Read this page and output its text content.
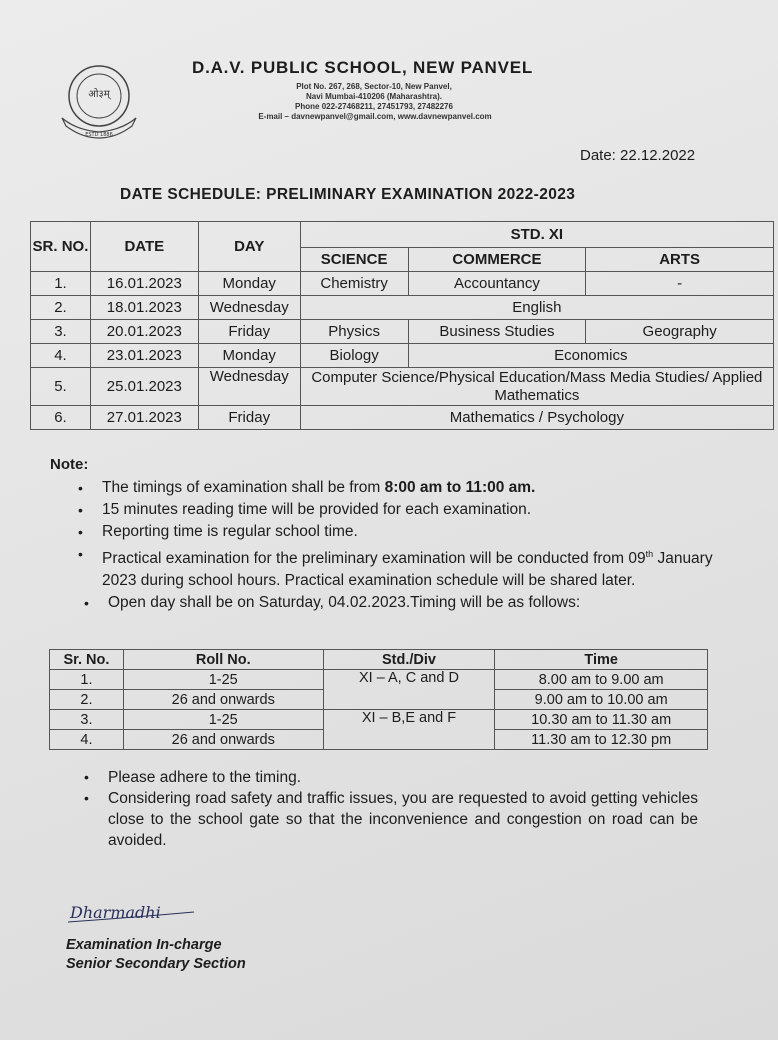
ओ३म्
ESTD 1886
D.A.V. PUBLIC SCHOOL, NEW PANVEL
Plot No. 267, 268, Sector-10, New Panvel,
Navi Mumbai-410206 (Maharashtra).
Phone 022-27468211, 27451793, 27482276
E-mail – davnewpanvel@gmail.com, www.davnewpanvel.com
Date: 22.12.2022
DATE SCHEDULE: PRELIMINARY EXAMINATION 2022-2023
SR. NO.	DATE	DAY	STD. XI		
			SCIENCE	COMMERCE	ARTS
1.	16.01.2023	Monday	Chemistry	Accountancy	-
2.	18.01.2023	Wednesday	English		
3.	20.01.2023	Friday	Physics	Business Studies	Geography
4.	23.01.2023	Monday	Biology	Economics	
5.	25.01.2023	Wednesday	Computer Science/Physical Education/Mass Media Studies/ Applied Mathematics		
6.	27.01.2023	Friday	Mathematics / Psychology		
Note:
• The timings of examination shall be from 8:00 am to 11:00 am.
• 15 minutes reading time will be provided for each examination.
• Reporting time is regular school time.
• Practical examination for the preliminary examination will be conducted from 09th January 2023 during school hours. Practical examination schedule will be shared later.
• Open day shall be on Saturday, 04.02.2023.Timing will be as follows:
Sr. No.	Roll No.	Std./Div	Time
1.	1-25	XI – A, C and D	8.00 am to 9.00 am
2.	26 and onwards		9.00 am to 10.00 am
3.	1-25	XI – B,E and F	10.30 am to 11.30 am
4.	26 and onwards		11.30 am to 12.30 pm
• Please adhere to the timing.
• Considering road safety and traffic issues, you are requested to avoid getting vehicles close to the school gate so that the inconvenience and congestion on road can be avoided.
Dharmadhi
Examination In-charge
Senior Secondary Section
